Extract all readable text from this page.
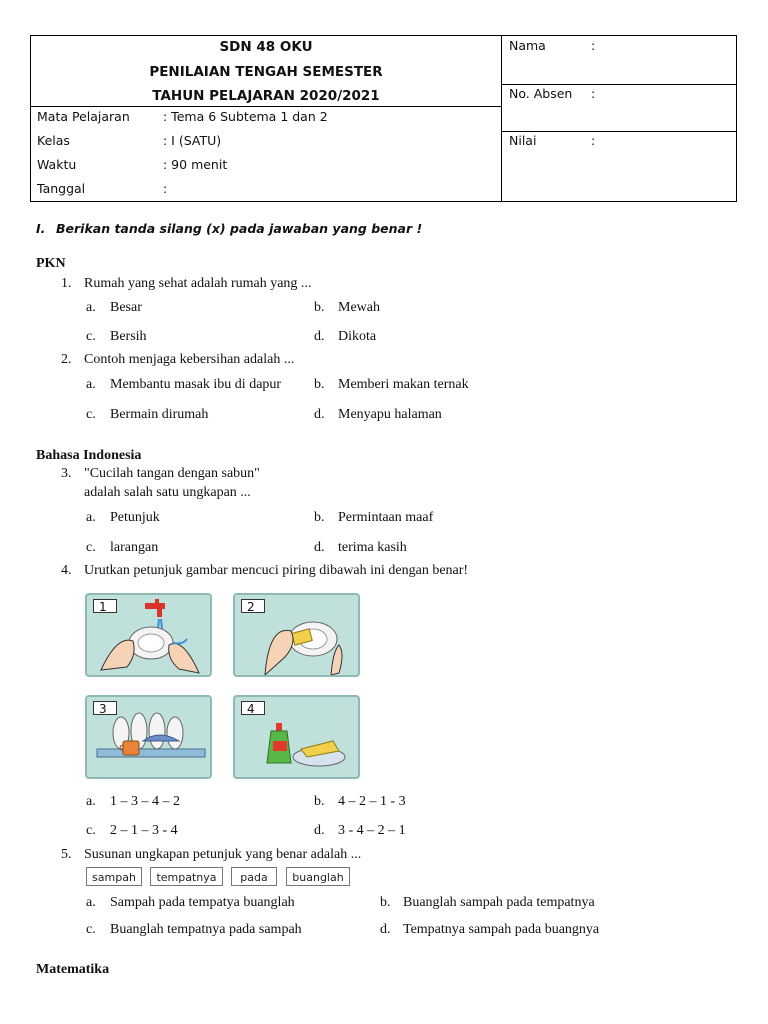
SDN 48 OKU
PENILAIAN TENGAH SEMESTER
TAHUN PELAJARAN 2020/2021
Mata Pelajaran	: Tema 6 Subtema 1 dan 2
Kelas	: I (SATU)
Waktu	: 90 menit
Tanggal	:
Nama	:
No. Absen :
Nilai	:
I. Berikan tanda silang (x) pada jawaban yang benar !
PKN
1. Rumah yang sehat adalah rumah yang ...
a. Besar	b. Mewah
c. Bersih	d. Dikota
2. Contoh menjaga kebersihan adalah ...
a. Membantu masak ibu di dapur b. Memberi makan ternak
c. Bermain dirumah	d. Menyapu halaman
Bahasa Indonesia
3. "Cucilah tangan dengan sabun"
adalah salah satu ungkapan ...
a. Petunjuk	b. Permintaan maaf
c. larangan	d. terima kasih
4. Urutkan petunjuk gambar mencuci piring dibawah ini dengan benar!
1	2
3	4
a. 1 – 3 – 4 – 2	b. 4 – 2 – 1 - 3
c. 2 – 1 – 3 - 4	d. 3 - 4 – 2 – 1
5. Susunan ungkapan petunjuk yang benar adalah ...
sampah	tempatnya	pada	buanglah
a. Sampah pada tempatya buanglah	b. Buanglah sampah pada tempatnya
c. Buanglah tempatnya pada sampah	d. Tempatnya sampah pada buangnya
Matematika
